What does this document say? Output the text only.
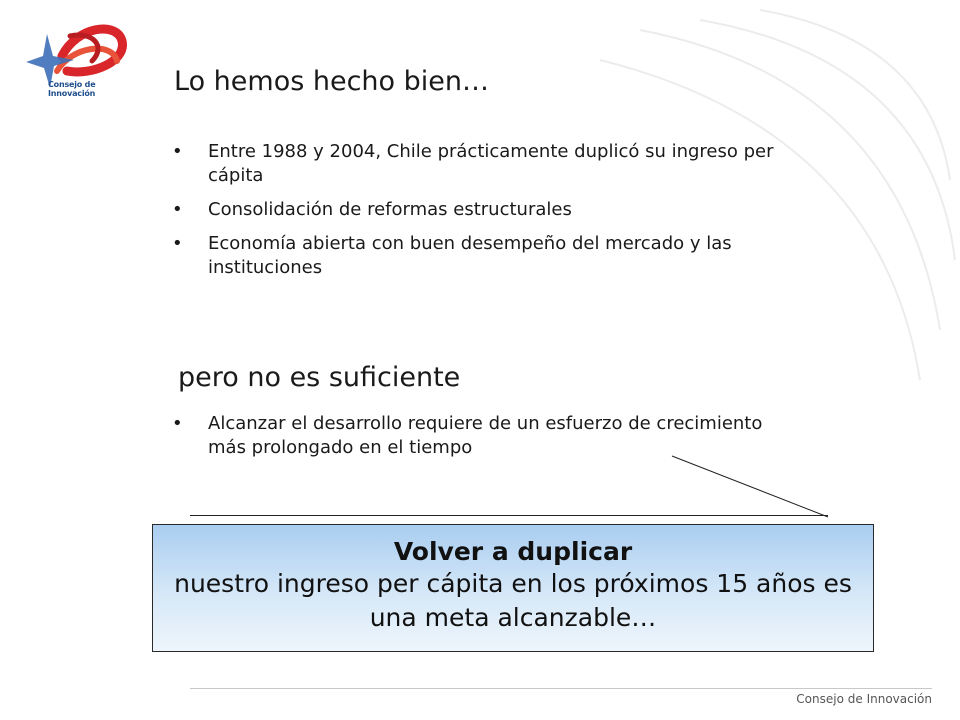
Consejo de
Innovación	Lo hemos hecho bien…
• Entre 1988 y 2004, Chile prácticamente duplicó su ingreso per cápita
• Consolidación de reformas estructurales
• Economía abierta con buen desempeño del mercado y las instituciones
pero no es suficiente
• Alcanzar el desarrollo requiere de un esfuerzo de crecimiento más prolongado en el tiempo
Volver a duplicar
nuestro ingreso per cápita en los próximos 15 años es una meta alcanzable…
Consejo de Innovación
